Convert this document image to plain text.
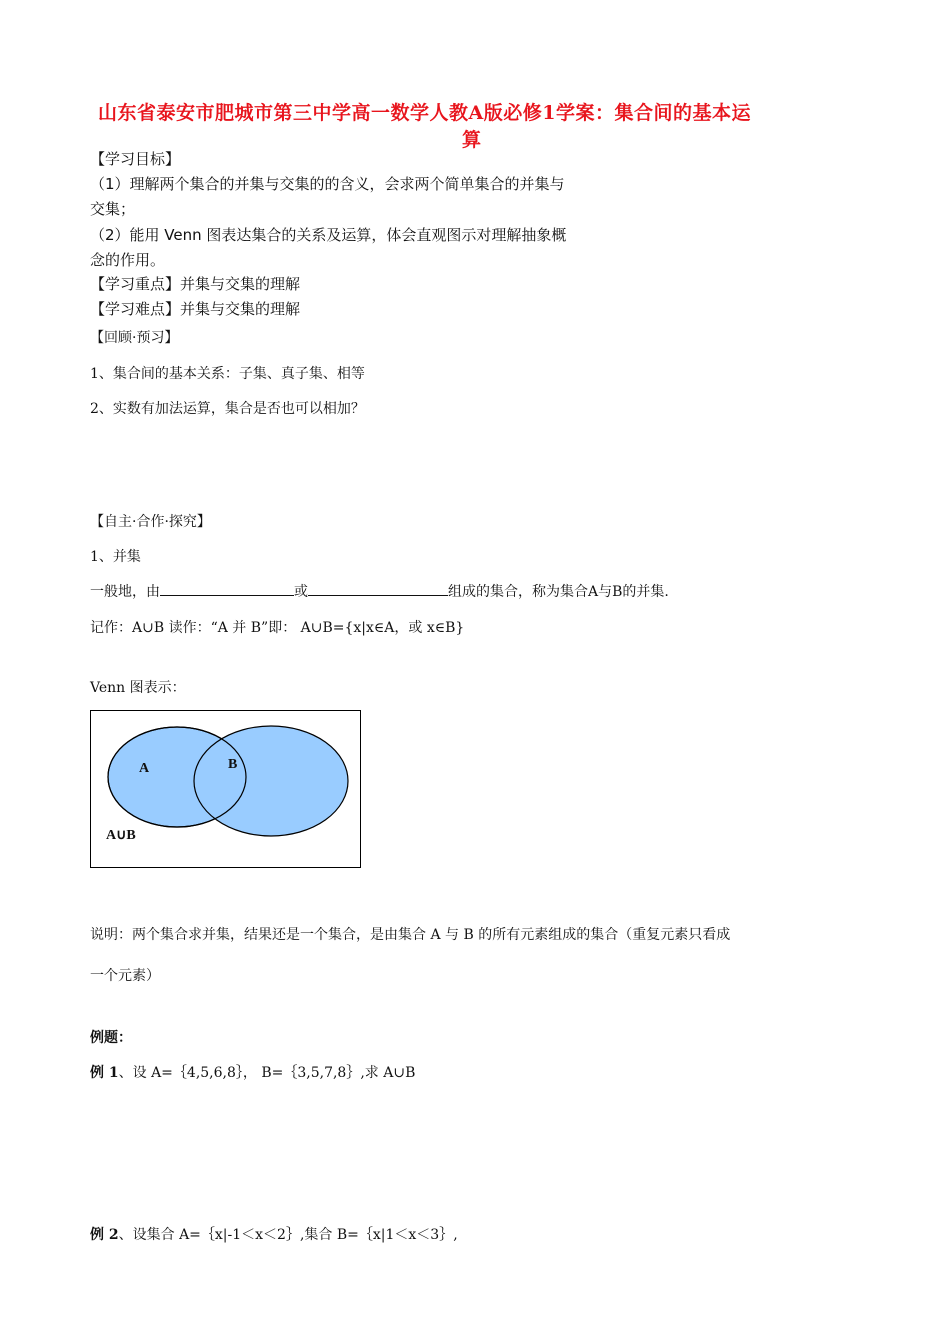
山东省泰安市肥城市第三中学高一数学人教A版必修1学案：集合间的基本运
算
【学习目标】
（1）理解两个集合的并集与交集的的含义，会求两个简单集合的并集与
交集；
（2）能用 Venn 图表达集合的关系及运算，体会直观图示对理解抽象概
念的作用。
【学习重点】并集与交集的理解
【学习难点】并集与交集的理解
【回顾·预习】
1、集合间的基本关系：子集、真子集、相等
2、实数有加法运算，集合是否也可以相加？
【自主·合作·探究】
1、并集
一般地，由	或	组成的集合，称为集合A与B的并集.
记作：A∪B 读作：“A 并 B”即： A∪B={x|x∈A，或 x∈B}
Venn 图表示：
A	B
A∪B
说明：两个集合求并集，结果还是一个集合，是由集合 A 与 B 的所有元素组成的集合（重复元素只看成
一个元素）
例题：
例 1、设 A=｛4,5,6,8｝， B=｛3,5,7,8｝,求 A∪B
例 2、设集合 A=｛x|-1＜x＜2｝,集合 B=｛x|1＜x＜3｝,
